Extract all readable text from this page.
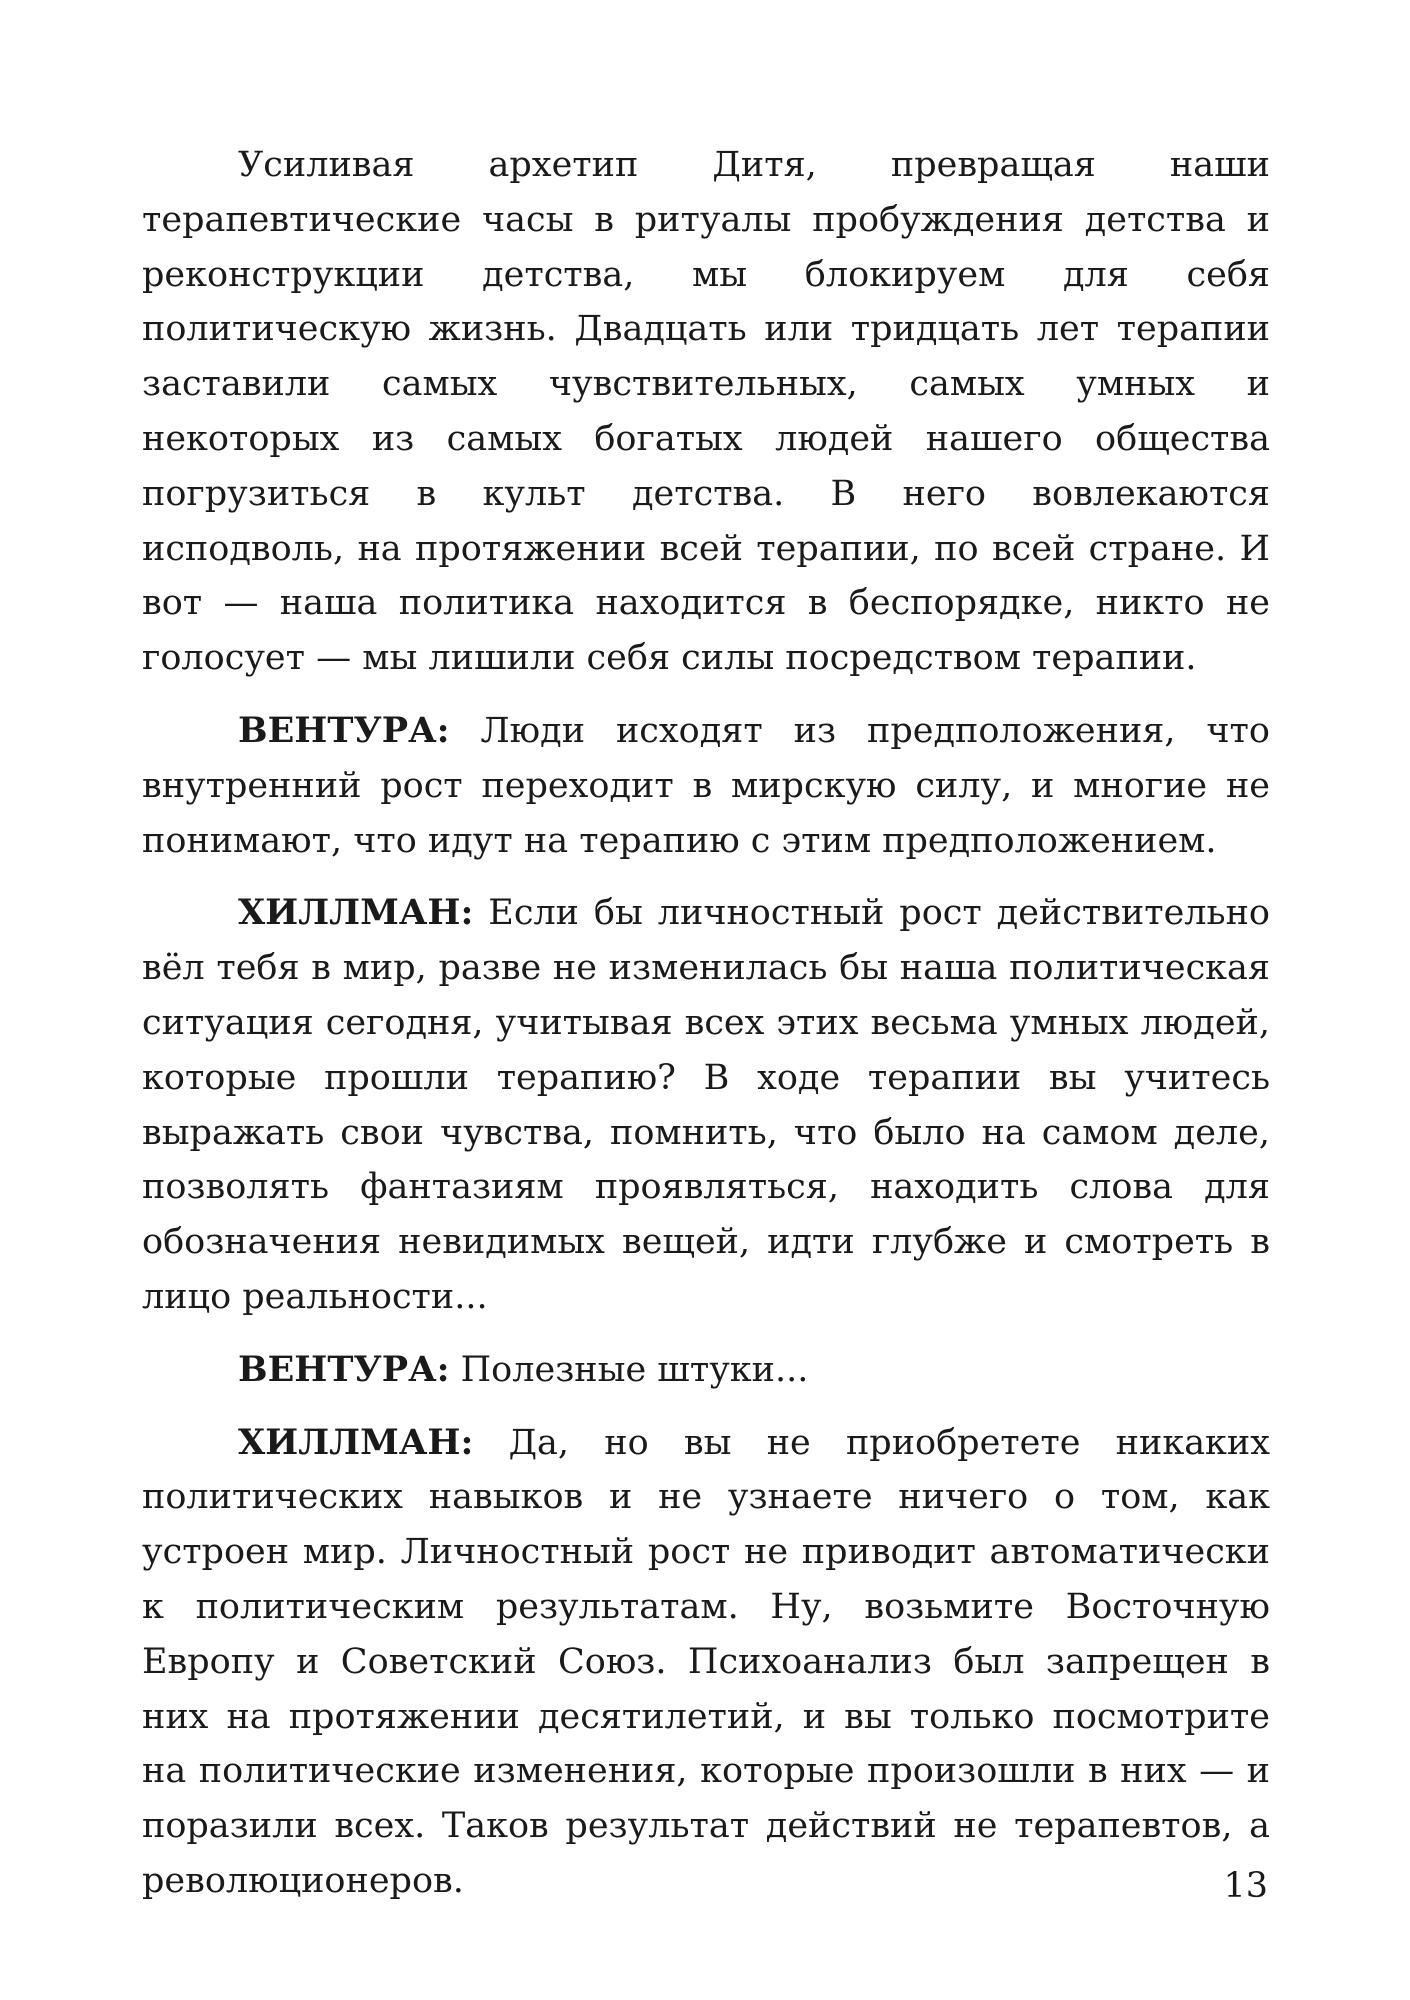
Усиливая архетип Дитя, превращая наши терапевтические часы в ритуалы пробуждения детства и реконструкции детства, мы блокируем для себя политическую жизнь. Двадцать или тридцать лет терапии заставили самых чувствительных, самых умных и некоторых из самых богатых людей нашего общества погрузиться в культ детства. В него вовлекаются исподволь, на протяжении всей терапии, по всей стране. И вот — наша политика находится в беспорядке, никто не голосует — мы лишили себя силы посредством терапии.

ВЕНТУРА: Люди исходят из предположения, что внутренний рост переходит в мирскую силу, и многие не понимают, что идут на терапию с этим предположением.

ХИЛЛМАН: Если бы личностный рост действительно вёл тебя в мир, разве не изменилась бы наша политическая ситуация сегодня, учитывая всех этих весьма умных людей, которые прошли терапию? В ходе терапии вы учитесь выражать свои чувства, помнить, что было на самом деле, позволять фантазиям проявляться, находить слова для обозначения невидимых вещей, идти глубже и смотреть в лицо реальности...

ВЕНТУРА: Полезные штуки...

ХИЛЛМАН: Да, но вы не приобретете никаких политических навыков и не узнаете ничего о том, как устроен мир. Личностный рост не приводит автоматически к политическим результатам. Ну, возьмите Восточную Европу и Советский Союз. Психоанализ был запрещен в них на протяжении десятилетий, и вы только посмотрите на политические изменения, которые произошли в них — и поразили всех. Таков результат действий не терапевтов, а революционеров.	13
